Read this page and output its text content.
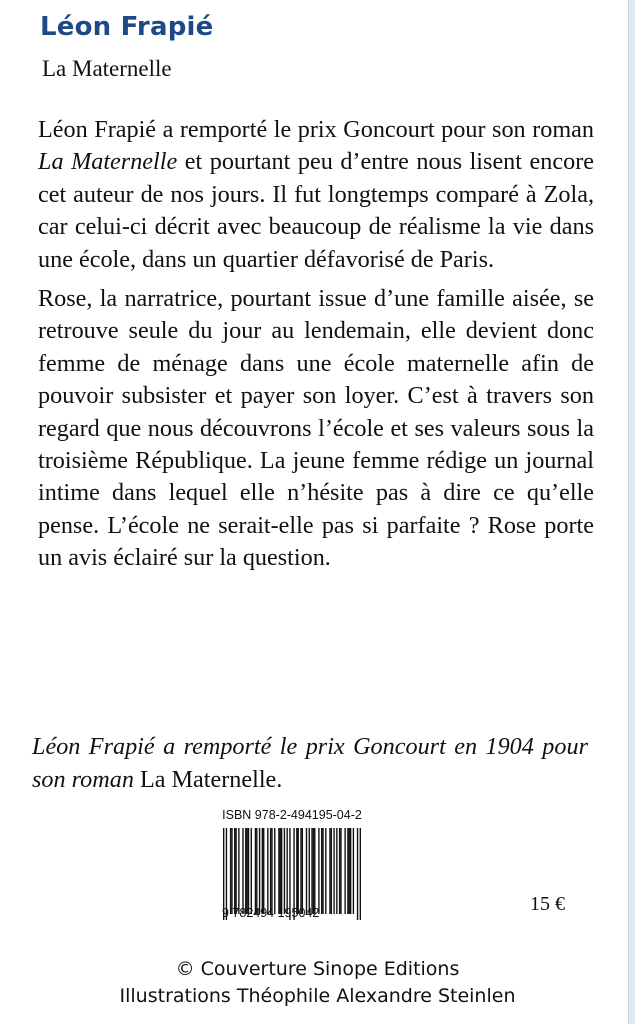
Léon Frapié
La Maternelle

Léon Frapié a remporté le prix Goncourt pour son roman La Maternelle et pourtant peu d’entre nous lisent encore cet auteur de nos jours. Il fut longtemps comparé à Zola, car celui-ci décrit avec beaucoup de réalisme la vie dans une école, dans un quartier défavorisé de Paris.

Rose, la narratrice, pourtant issue d’une famille aisée, se retrouve seule du jour au lendemain, elle devient donc femme de ménage dans une école maternelle afin de pouvoir subsister et payer son loyer. C’est à travers son regard que nous découvrons l’école et ses valeurs sous la troisième République. La jeune femme rédige un journal intime dans lequel elle n’hésite pas à dire ce qu’elle pense. L’école ne serait-elle pas si parfaite ? Rose porte un avis éclairé sur la question.

Léon Frapié a remporté le prix Goncourt en 1904 pour son roman La Maternelle.
ISBN 978-2-494195-04-2
9 782494 195042	15 €
© Couverture Sinope Editions
Illustrations Théophile Alexandre Steinlen
